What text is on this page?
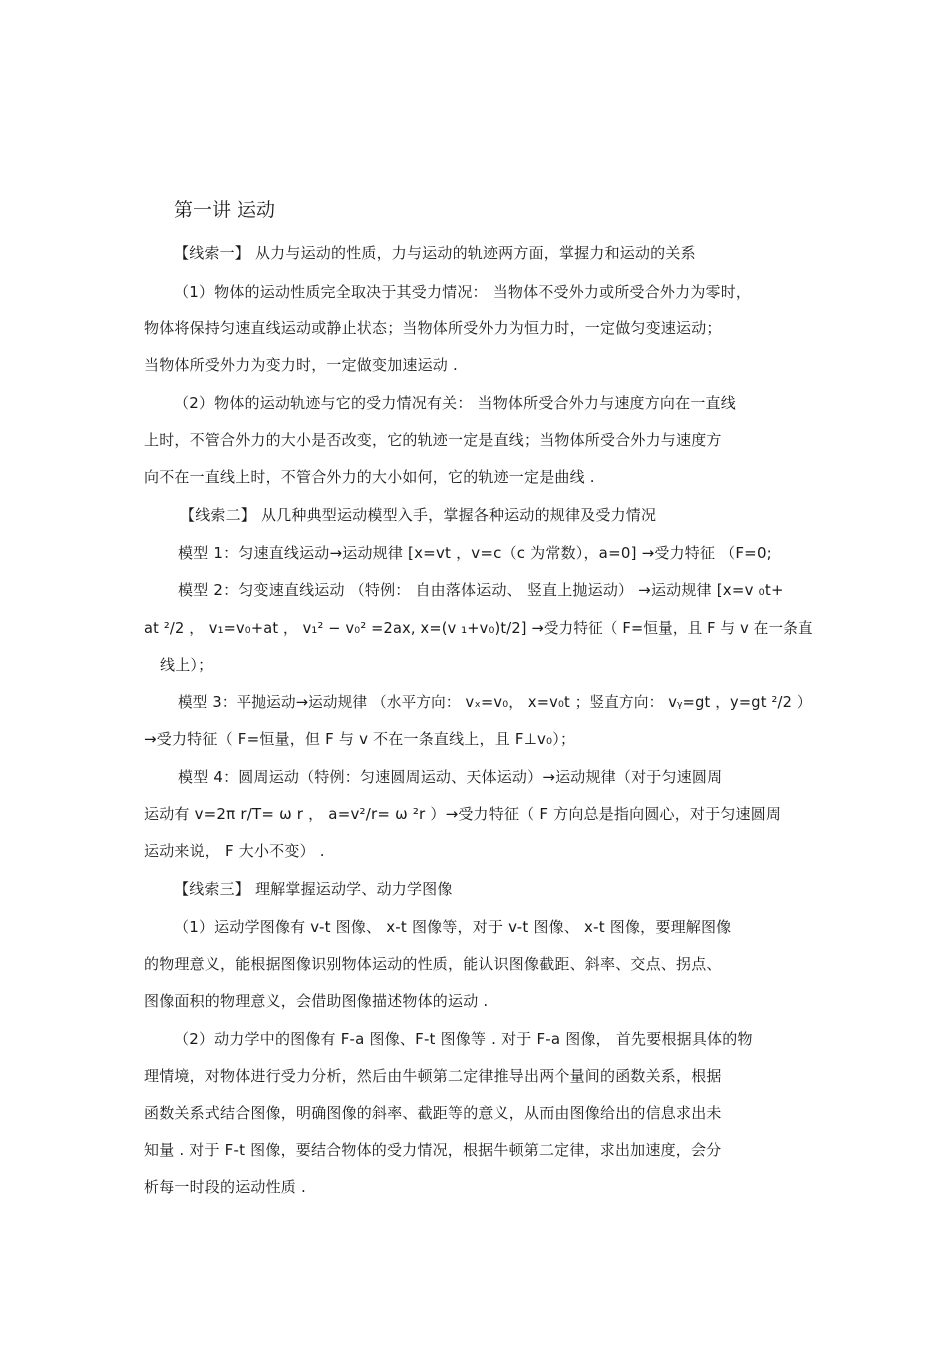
第一讲 运动
【线索一】 从力与运动的性质，力与运动的轨迹两方面，掌握力和运动的关系
（1）物体的运动性质完全取决于其受力情况： 当物体不受外力或所受合外力为零时，
物体将保持匀速直线运动或静止状态；当物体所受外力为恒力时，一定做匀变速运动；
当物体所受外力为变力时，一定做变加速运动 .
（2）物体的运动轨迹与它的受力情况有关： 当物体所受合外力与速度方向在一直线
上时，不管合外力的大小是否改变，它的轨迹一定是直线；当物体所受合外力与速度方
向不在一直线上时，不管合外力的大小如何，它的轨迹一定是曲线 .
【线索二】 从几种典型运动模型入手，掌握各种运动的规律及受力情况
模型 1：匀速直线运动→运动规律 [x=vt ，v=c（c 为常数），a=0] →受力特征 （F=0;
模型 2：匀变速直线运动 （特例： 自由落体运动、 竖直上抛运动） →运动规律 [x=v ₀t+
at ²/2 ， v₁=v₀+at ， v₁² − v₀² =2ax, x=(v ₁+v₀)t/2] →受力特征（ F=恒量，且 F 与 v 在一条直
线上）；
模型 3：平抛运动→运动规律 （水平方向： vₓ=v₀， x=v₀t ；竖直方向： vᵧ=gt ，y=gt ²/2 ）
→受力特征（ F=恒量，但 F 与 v 不在一条直线上，且 F⊥v₀）；
模型 4：圆周运动（特例：匀速圆周运动、天体运动）→运动规律（对于匀速圆周
运动有 v=2π r/T= ω r ， a=v²/r= ω ²r ）→受力特征（ F 方向总是指向圆心，对于匀速圆周
运动来说， F 大小不变） .
【线索三】 理解掌握运动学、动力学图像
（1）运动学图像有 v-t 图像、 x-t 图像等，对于 v-t 图像、 x-t 图像，要理解图像
的物理意义，能根据图像识别物体运动的性质，能认识图像截距、斜率、交点、拐点、
图像面积的物理意义，会借助图像描述物体的运动 .
（2）动力学中的图像有 F-a 图像、F-t 图像等 . 对于 F-a 图像， 首先要根据具体的物
理情境，对物体进行受力分析，然后由牛顿第二定律推导出两个量间的函数关系，根据
函数关系式结合图像，明确图像的斜率、截距等的意义，从而由图像给出的信息求出未
知量 . 对于 F-t 图像，要结合物体的受力情况，根据牛顿第二定律，求出加速度，会分
析每一时段的运动性质 .
